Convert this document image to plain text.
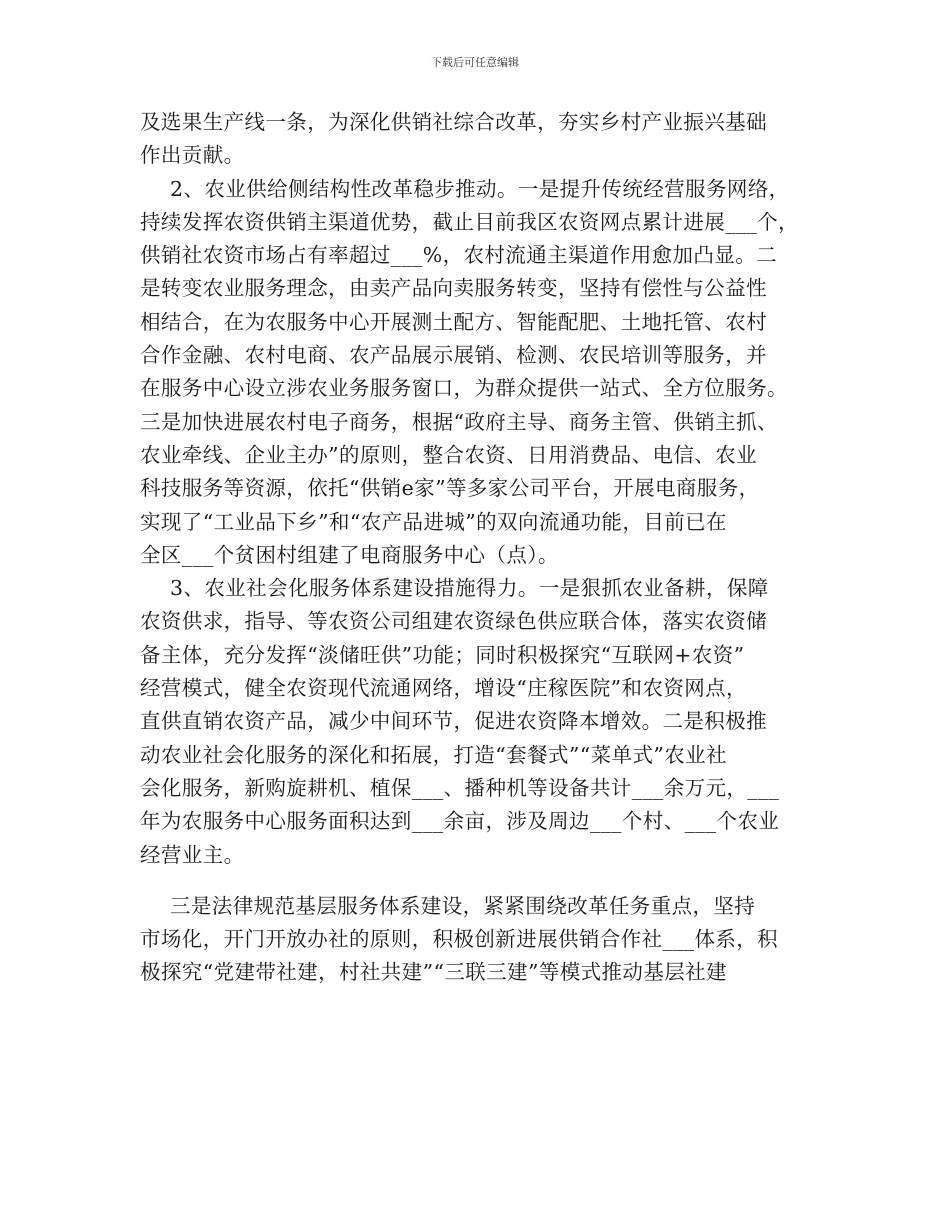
下载后可任意编辑
及选果生产线一条，为深化供销社综合改革，夯实乡村产业振兴基础
作出贡献。
2、农业供给侧结构性改革稳步推动。一是提升传统经营服务网络，
持续发挥农资供销主渠道优势，截止目前我区农资网点累计进展___个，
供销社农资市场占有率超过___%，农村流通主渠道作用愈加凸显。二
是转变农业服务理念，由卖产品向卖服务转变，坚持有偿性与公益性
相结合，在为农服务中心开展测土配方、智能配肥、土地托管、农村
合作金融、农村电商、农产品展示展销、检测、农民培训等服务，并
在服务中心设立涉农业务服务窗口，为群众提供一站式、全方位服务。
三是加快进展农村电子商务，根据“政府主导、商务主管、供销主抓、
农业牵线、企业主办”的原则，整合农资、日用消费品、电信、农业
科技服务等资源，依托“供销e家”等多家公司平台，开展电商服务，
实现了“工业品下乡”和“农产品进城”的双向流通功能，目前已在
全区___个贫困村组建了电商服务中心（点）。
3、农业社会化服务体系建设措施得力。一是狠抓农业备耕，保障
农资供求，指导、等农资公司组建农资绿色供应联合体，落实农资储
备主体，充分发挥“淡储旺供”功能；同时积极探究“互联网+农资”
经营模式，健全农资现代流通网络，增设“庄稼医院”和农资网点，
直供直销农资产品，减少中间环节，促进农资降本增效。二是积极推
动农业社会化服务的深化和拓展，打造“套餐式”“菜单式”农业社
会化服务，新购旋耕机、植保___、播种机等设备共计___余万元，___
年为农服务中心服务面积达到___余亩，涉及周边___个村、___个农业
经营业主。
三是法律规范基层服务体系建设，紧紧围绕改革任务重点，坚持
市场化，开门开放办社的原则，积极创新进展供销合作社___体系，积
极探究“党建带社建，村社共建”“三联三建”等模式推动基层社建
